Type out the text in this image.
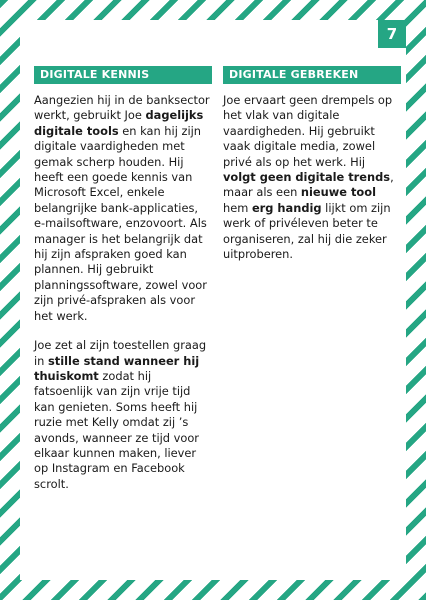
7
DIGITALE KENNIS

Aangezien hij in de banksector werkt, gebruikt Joe dagelijks digitale tools en kan hij zijn digitale vaardigheden met gemak scherp houden. Hij heeft een goede kennis van Microsoft Excel, enkele belangrijke bank-applicaties, e-mailsoftware, enzovoort. Als manager is het belangrijk dat hij zijn afspraken goed kan plannen. Hij gebruikt planningssoftware, zowel voor zijn privé-afspraken als voor het werk.

Joe zet al zijn toestellen graag in stille stand wanneer hij thuiskomt zodat hij fatsoenlijk van zijn vrije tijd kan genieten. Soms heeft hij ruzie met Kelly omdat zij ’s avonds, wanneer ze tijd voor elkaar kunnen maken, liever op Instagram en Facebook scrolt.

DIGITALE GEBREKEN

Joe ervaart geen drempels op het vlak van digitale vaardigheden. Hij gebruikt vaak digitale media, zowel privé als op het werk. Hij volgt geen digitale trends, maar als een nieuwe tool hem erg handig lijkt om zijn werk of privéleven beter te organiseren, zal hij die zeker uitproberen.
